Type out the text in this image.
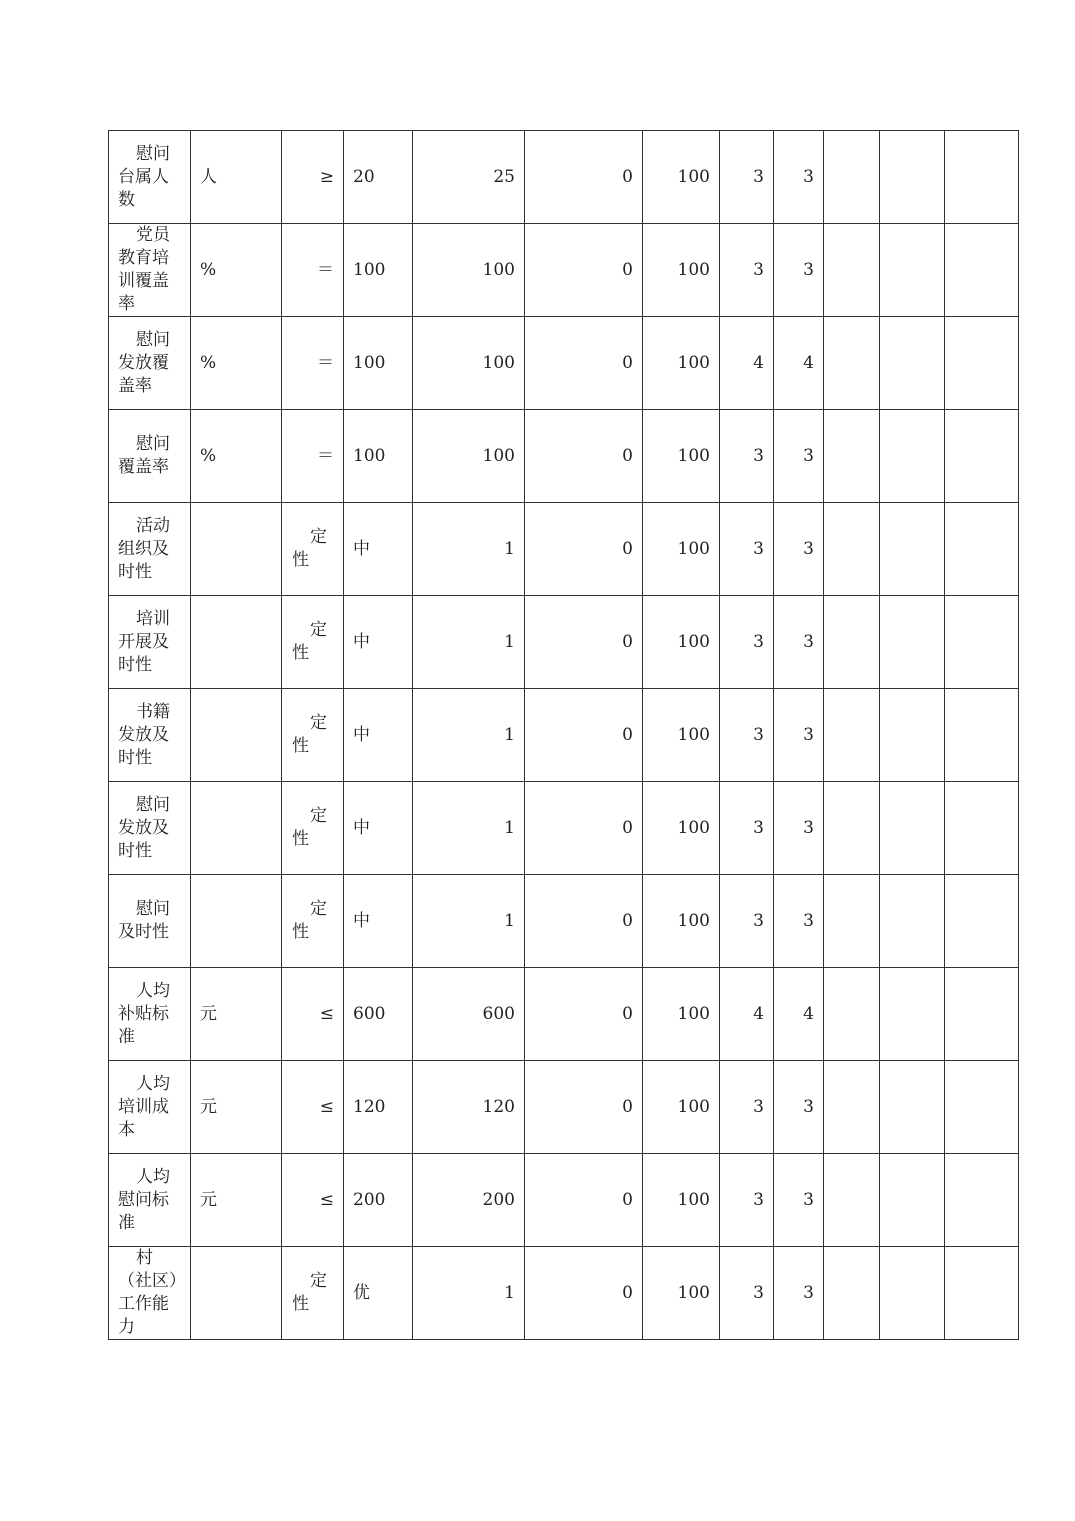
慰问台属人数	人	≥	20	25	0	100	3	3			
党员教育培训覆盖率	%	＝	100	100	0	100	3	3			
慰问发放覆盖率	%	＝	100	100	0	100	4	4			
慰问覆盖率	%	＝	100	100	0	100	3	3			
活动组织及时性		定性	中	1	0	100	3	3			
培训开展及时性		定性	中	1	0	100	3	3			
书籍发放及时性		定性	中	1	0	100	3	3			
慰问发放及时性		定性	中	1	0	100	3	3			
慰问及时性		定性	中	1	0	100	3	3			
人均补贴标准	元	≤	600	600	0	100	4	4			
人均培训成本	元	≤	120	120	0	100	3	3			
人均慰问标准	元	≤	200	200	0	100	3	3			
村（社区）工作能力		定性	优	1	0	100	3	3			
